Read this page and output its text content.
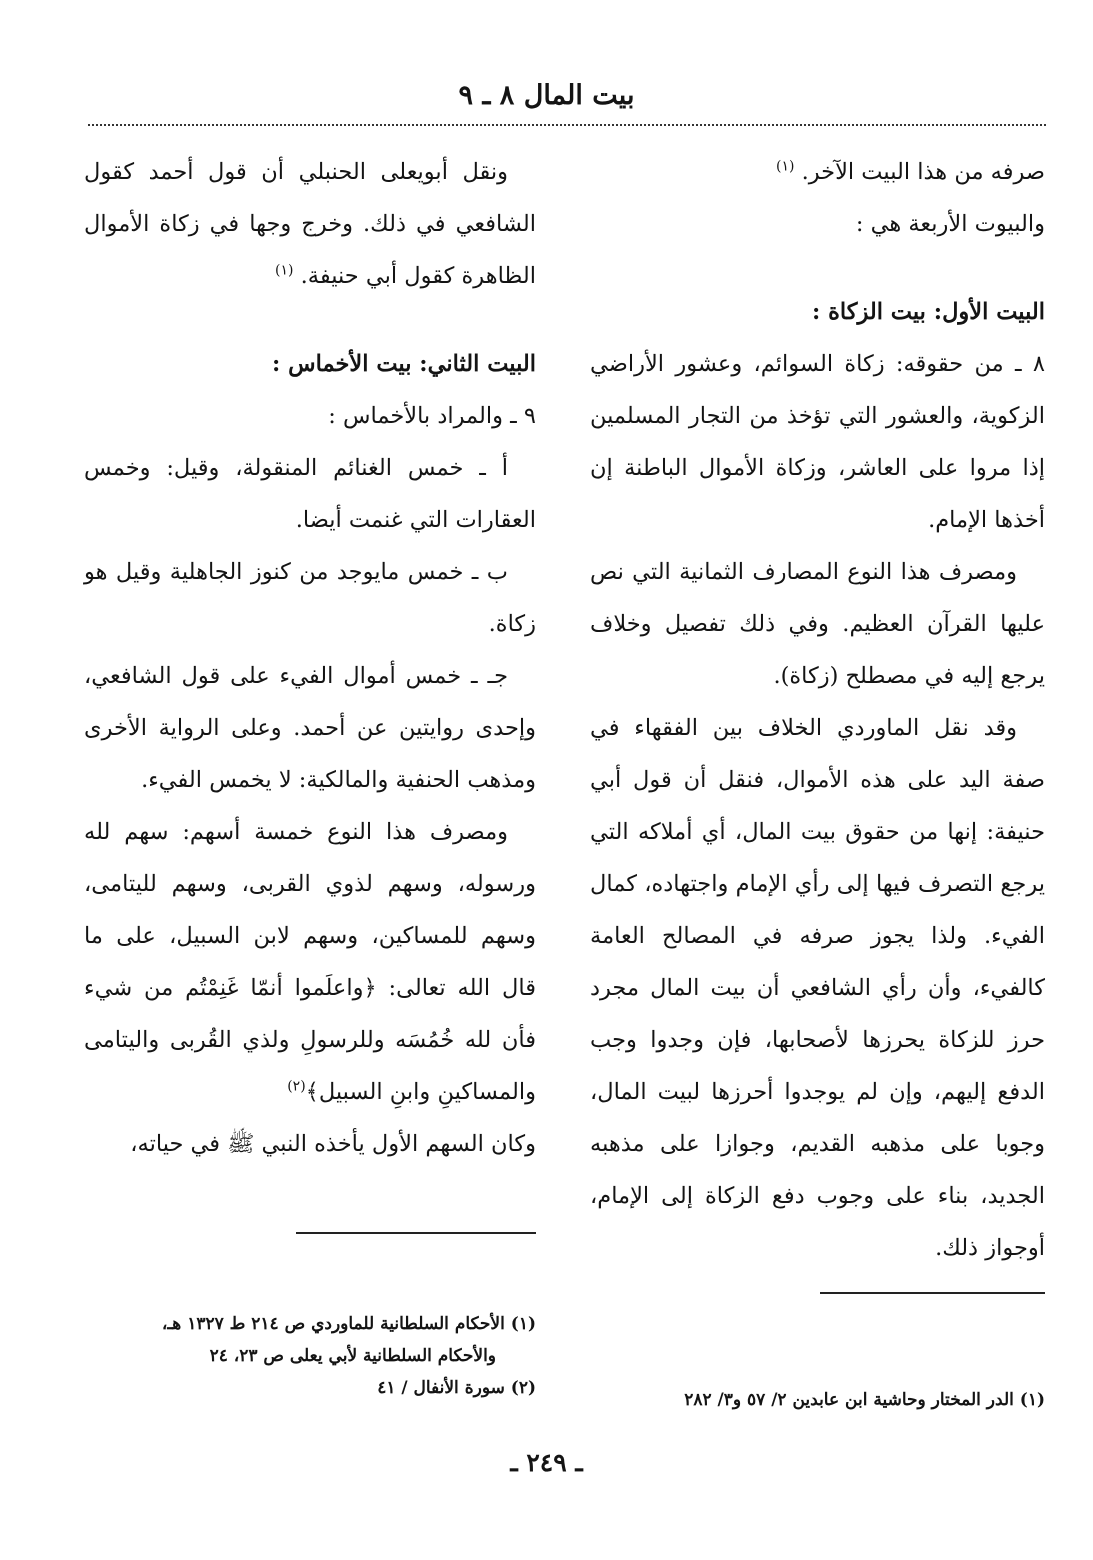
بيت المال ٨ ـ ٩

صرفه من هذا البيت الآخر. $^{(١)}$

والبيوت الأربعة هي :

البيت الأول: بيت الزكاة :

٨ ـ من حقوقه: زكاة السوائم، وعشور الأراضي الزكوية، والعشور التي تؤخذ من التجار المسلمين إذا مروا على العاشر، وزكاة الأموال الباطنة إن أخذها الإمام.

ومصرف هذا النوع المصارف الثمانية التي نص عليها القرآن العظيم. وفي ذلك تفصيل وخلاف يرجع إليه في مصطلح (زكاة).

وقد نقل الماوردي الخلاف بين الفقهاء في صفة اليد على هذه الأموال، فنقل أن قول أبي حنيفة: إنها من حقوق بيت المال، أي أملاكه التي يرجع التصرف فيها إلى رأي الإمام واجتهاده، كمال الفيء. ولذا يجوز صرفه في المصالح العامة كالفيء، وأن رأي الشافعي أن بيت المال مجرد حرز للزكاة يحرزها لأصحابها، فإن وجدوا وجب الدفع إليهم، وإن لم يوجدوا أحرزها لبيت المال، وجوبا على مذهبه القديم، وجوازا على مذهبه الجديد، بناء على وجوب دفع الزكاة إلى الإمام، أوجواز ذلك.

ونقل أبويعلى الحنبلي أن قول أحمد كقول الشافعي في ذلك. وخرج وجها في زكاة الأموال الظاهرة كقول أبي حنيفة. $^{(١)}$

البيت الثاني: بيت الأخماس :

٩ ـ والمراد بالأخماس :

أ ـ خمس الغنائم المنقولة، وقيل: وخمس العقارات التي غنمت أيضا.

ب ـ خمس مايوجد من كنوز الجاهلية وقيل هو زكاة.

جـ ـ خمس أموال الفيء على قول الشافعي، وإحدى روايتين عن أحمد. وعلى الرواية الأخرى ومذهب الحنفية والمالكية: لا يخمس الفيء.

ومصرف هذا النوع خمسة أسهم: سهم لله ورسوله، وسهم لذوي القربى، وسهم لليتامى، وسهم للمساكين، وسهم لابن السبيل، على ما قال الله تعالى: ﴿واعلَموا أنمّا غَنِمْتُم من شيء فأن لله خُمُسَه وللرسولِ ولذي القُربى واليتامى والمساكينِ وابنِ السبيل﴾$^{(٢)}$

وكان السهم الأول يأخذه النبي ﷺ في حياته،

(١) الدر المختار وحاشية ابن عابدين ٢/ ٥٧ و٣/ ٢٨٢

(١) الأحكام السلطانية للماوردي ص ٢١٤ ط ١٣٢٧ هـ،

والأحكام السلطانية لأبي يعلى ص ٢٣، ٢٤

(٢) سورة الأنفال / ٤١

ـ ٢٤٩ ـ
